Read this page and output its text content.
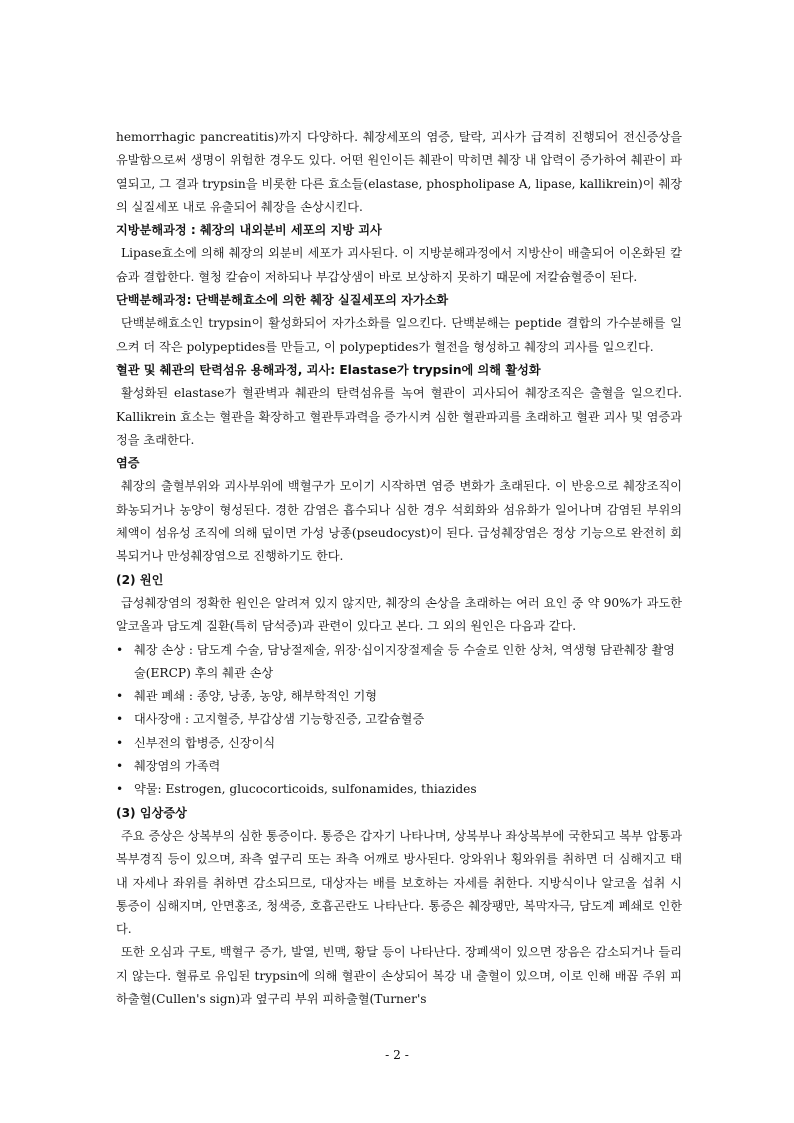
hemorrhagic pancreatitis)까지 다양하다. 췌장세포의 염증, 탈락, 괴사가 급격히 진행되어 전신증상을 유발함으로써 생명이 위험한 경우도 있다. 어떤 원인이든 췌관이 막히면 췌장 내 압력이 증가하여 췌관이 파열되고, 그 결과 trypsin을 비롯한 다른 효소들(elastase, phospholipase A, lipase, kallikrein)이 췌장의 실질세포 내로 유출되어 췌장을 손상시킨다.

지방분해과정 : 췌장의 내외분비 세포의 지방 괴사

Lipase효소에 의해 췌장의 외분비 세포가 괴사된다. 이 지방분해과정에서 지방산이 배출되어 이온화된 칼슘과 결합한다. 혈청 칼슘이 저하되나 부갑상샘이 바로 보상하지 못하기 때문에 저칼슘혈증이 된다.

단백분해과정: 단백분해효소에 의한 췌장 실질세포의 자가소화

단백분해효소인 trypsin이 활성화되어 자가소화를 일으킨다. 단백분해는 peptide 결합의 가수분해를 일으켜 더 작은 polypeptides를 만들고, 이 polypeptides가 혈전을 형성하고 췌장의 괴사를 일으킨다.

혈관 및 췌관의 탄력섬유 용해과정, 괴사: Elastase가 trypsin에 의해 활성화

활성화된 elastase가 혈관벽과 췌관의 탄력섬유를 녹여 혈관이 괴사되어 췌장조직은 출혈을 일으킨다. Kallikrein 효소는 혈관을 확장하고 혈관투과력을 증가시켜 심한 혈관파괴를 초래하고 혈관 괴사 및 염증과정을 초래한다.

염증

췌장의 출혈부위와 괴사부위에 백혈구가 모이기 시작하면 염증 변화가 초래된다. 이 반응으로 췌장조직이 화농되거나 농양이 형성된다. 경한 감염은 흡수되나 심한 경우 석회화와 섬유화가 일어나며 감염된 부위의 체액이 섬유성 조직에 의해 덮이면 가성 낭종(pseudocyst)이 된다. 급성췌장염은 정상 기능으로 완전히 회복되거나 만성췌장염으로 진행하기도 한다.

(2) 원인

급성췌장염의 정확한 원인은 알려져 있지 않지만, 췌장의 손상을 초래하는 여러 요인 중 약 90%가 과도한 알코올과 담도계 질환(특히 담석증)과 관련이 있다고 본다. 그 외의 원인은 다음과 같다.

• 췌장 손상 : 담도계 수술, 담낭절제술, 위장·십이지장절제술 등 수술로 인한 상처, 역생형 담관췌장 촬영술(ERCP) 후의 췌관 손상
• 췌관 폐쇄 : 종양, 낭종, 농양, 해부학적인 기형
• 대사장애 : 고지혈증, 부갑상샘 기능항진증, 고칼슘혈증
• 신부전의 합병증, 신장이식
• 췌장염의 가족력
• 약물: Estrogen, glucocorticoids, sulfonamides, thiazides
(3) 임상증상

주요 증상은 상복부의 심한 통증이다. 통증은 갑자기 나타나며, 상복부나 좌상복부에 국한되고 복부 압통과 복부경직 등이 있으며, 좌측 옆구리 또는 좌측 어깨로 방사된다. 앙와위나 횡와위를 취하면 더 심해지고 태내 자세나 좌위를 취하면 감소되므로, 대상자는 배를 보호하는 자세를 취한다. 지방식이나 알코올 섭취 시 통증이 심해지며, 안면홍조, 청색증, 호흡곤란도 나타난다. 통증은 췌장팽만, 복막자극, 담도계 폐쇄로 인한다.

또한 오심과 구토, 백혈구 증가, 발열, 빈맥, 황달 등이 나타난다. 장폐색이 있으면 장음은 감소되거나 들리지 않는다. 혈류로 유입된 trypsin에 의해 혈관이 손상되어 복강 내 출혈이 있으며, 이로 인해 배꼽 주위 피하출혈(Cullen's sign)과 옆구리 부위 피하출혈(Turner's

- 2 -
